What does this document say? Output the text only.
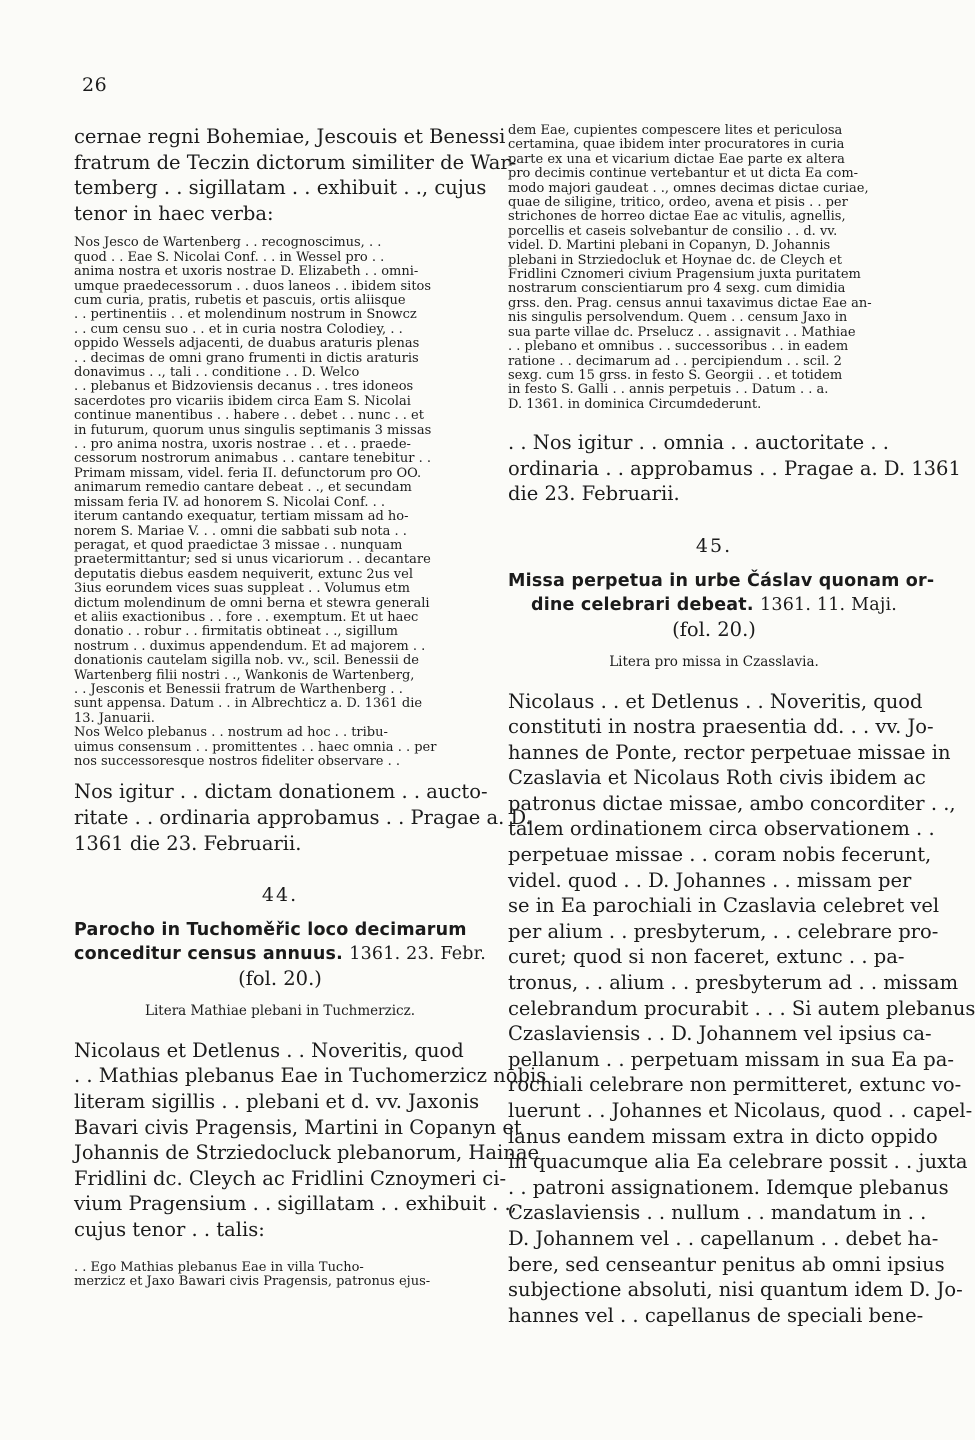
26
cernae regni Bohemiae, Jescouis et Benessi
fratrum de Teczin dictorum similiter de War-
temberg . . sigillatam . . exhibuit . ., cujus
tenor in haec verba:
Nos Jesco de Wartenberg . . recognoscimus, . .
quod . . Eae S. Nicolai Conf. . . in Wessel pro . .
anima nostra et uxoris nostrae D. Elizabeth . . omni-
umque praedecessorum . . duos laneos . . ibidem sitos
cum curia, pratis, rubetis et pascuis, ortis aliisque
. . pertinentiis . . et molendinum nostrum in Snowcz
. . cum censu suo . . et in curia nostra Colodiey, . .
oppido Wessels adjacenti, de duabus araturis plenas
. . decimas de omni grano frumenti in dictis araturis
donavimus . ., tali . . conditione . . D. Welco
. . plebanus et Bidzoviensis decanus . . tres idoneos
sacerdotes pro vicariis ibidem circa Eam S. Nicolai
continue manentibus . . habere . . debet . . nunc . . et
in futurum, quorum unus singulis septimanis 3 missas
. . pro anima nostra, uxoris nostrae . . et . . praede-
cessorum nostrorum animabus . . cantare tenebitur . .
Primam missam, videl. feria II. defunctorum pro OO.
animarum remedio cantare debeat . ., et secundam
missam feria IV. ad honorem S. Nicolai Conf. . .
iterum cantando exequatur, tertiam missam ad ho-
norem S. Mariae V. . . omni die sabbati sub nota . .
peragat, et quod praedictae 3 missae . . nunquam
praetermittantur; sed si unus vicariorum . . decantare
deputatis diebus easdem nequiverit, extunc 2us vel
3ius eorundem vices suas suppleat . . Volumus etm
dictum molendinum de omni berna et stewra generali
et aliis exactionibus . . fore . . exemptum. Et ut haec
donatio . . robur . . firmitatis obtineat . ., sigillum
nostrum . . duximus appendendum. Et ad majorem . .
donationis cautelam sigilla nob. vv., scil. Benessii de
Wartenberg filii nostri . ., Wankonis de Wartenberg,
. . Jesconis et Benessii fratrum de Warthenberg . .
sunt appensa. Datum . . in Albrechticz a. D. 1361 die
13. Januarii.
Nos Welco plebanus . . nostrum ad hoc . . tribu-
uimus consensum . . promittentes . . haec omnia . . per
nos successoresque nostros fideliter observare . .
Nos igitur . . dictam donationem . . aucto-
ritate . . ordinaria approbamus . . Pragae a. D.
1361 die 23. Februarii.
44.
Parocho in Tuchoměřic loco decimarum
conceditur census annuus. 1361. 23. Febr.
(fol. 20.)
Litera Mathiae plebani in Tuchmerzicz.
Nicolaus et Detlenus . . Noveritis, quod
. . Mathias plebanus Eae in Tuchomerzicz nobis
literam sigillis . . plebani et d. vv. Jaxonis
Bavari civis Pragensis, Martini in Copanyn et
Johannis de Strziedocluck plebanorum, Hainae
Fridlini dc. Cleych ac Fridlini Cznoymeri ci-
vium Pragensium . . sigillatam . . exhibuit . .,
cujus tenor . . talis:
. . Ego Mathias plebanus Eae in villa Tucho-
merzicz et Jaxo Bawari civis Pragensis, patronus ejus-
dem Eae, cupientes compescere lites et periculosa
certamina, quae ibidem inter procuratores in curia
parte ex una et vicarium dictae Eae parte ex altera
pro decimis continue vertebantur et ut dicta Ea com-
modo majori gaudeat . ., omnes decimas dictae curiae,
quae de siligine, tritico, ordeo, avena et pisis . . per
strichones de horreo dictae Eae ac vitulis, agnellis,
porcellis et caseis solvebantur de consilio . . d. vv.
videl. D. Martini plebani in Copanyn, D. Johannis
plebani in Strziedocluk et Hoynae dc. de Cleych et
Fridlini Cznomeri civium Pragensium juxta puritatem
nostrarum conscientiarum pro 4 sexg. cum dimidia
grss. den. Prag. census annui taxavimus dictae Eae an-
nis singulis persolvendum. Quem . . censum Jaxo in
sua parte villae dc. Prselucz . . assignavit . . Mathiae
. . plebano et omnibus . . successoribus . . in eadem
ratione . . decimarum ad . . percipiendum . . scil. 2
sexg. cum 15 grss. in festo S. Georgii . . et totidem
in festo S. Galli . . annis perpetuis . . Datum . . a.
D. 1361. in dominica Circumdederunt.
. . Nos igitur . . omnia . . auctoritate . .
ordinaria . . approbamus . . Pragae a. D. 1361
die 23. Februarii.
45.
Missa perpetua in urbe Čáslav quonam or-
dine celebrari debeat. 1361. 11. Maji.
(fol. 20.)
Litera pro missa in Czasslavia.
Nicolaus . . et Detlenus . . Noveritis, quod
constituti in nostra praesentia dd. . . vv. Jo-
hannes de Ponte, rector perpetuae missae in
Czaslavia et Nicolaus Roth civis ibidem ac
patronus dictae missae, ambo concorditer . .,
talem ordinationem circa observationem . .
perpetuae missae . . coram nobis fecerunt,
videl. quod . . D. Johannes . . missam per
se in Ea parochiali in Czaslavia celebret vel
per alium . . presbyterum, . . celebrare pro-
curet; quod si non faceret, extunc . . pa-
tronus, . . alium . . presbyterum ad . . missam
celebrandum procurabit . . . Si autem plebanus
Czaslaviensis . . D. Johannem vel ipsius ca-
pellanum . . perpetuam missam in sua Ea pa-
rochiali celebrare non permitteret, extunc vo-
luerunt . . Johannes et Nicolaus, quod . . capel-
lanus eandem missam extra in dicto oppido
in quacumque alia Ea celebrare possit . . juxta
. . patroni assignationem. Idemque plebanus
Czaslaviensis . . nullum . . mandatum in . .
D. Johannem vel . . capellanum . . debet ha-
bere, sed censeantur penitus ab omni ipsius
subjectione absoluti, nisi quantum idem D. Jo-
hannes vel . . capellanus de speciali bene-
